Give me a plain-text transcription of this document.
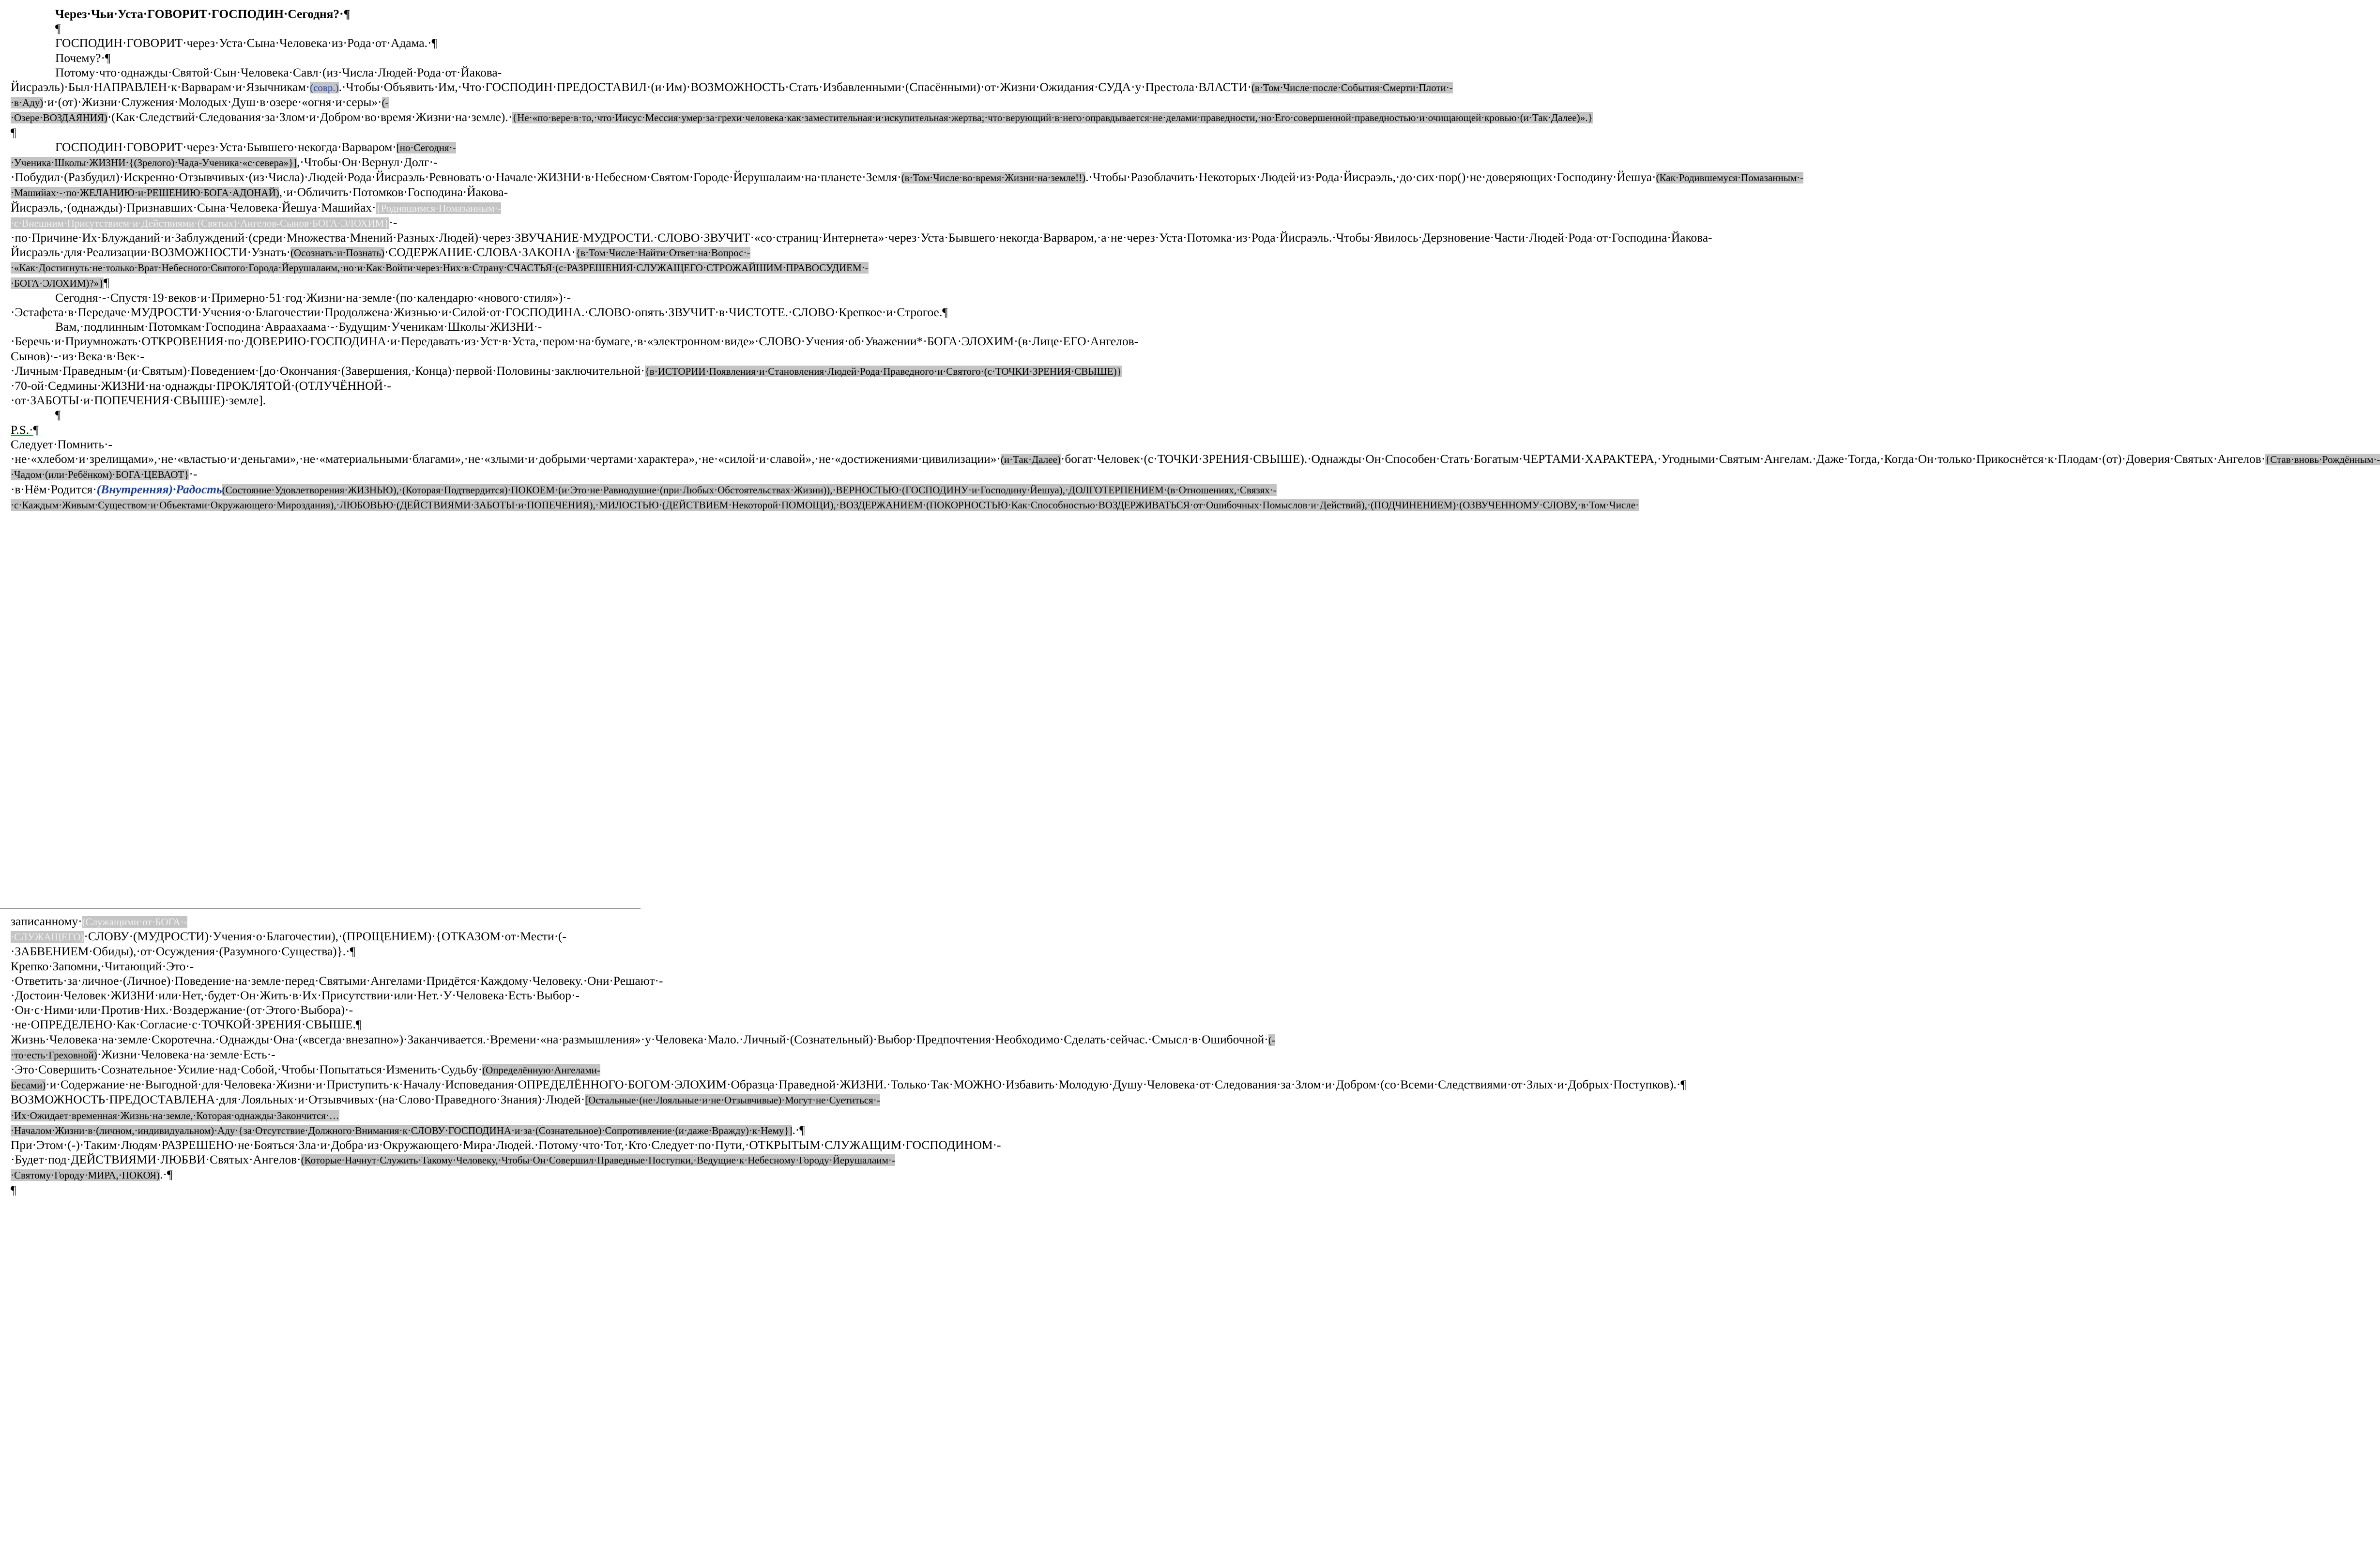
Через·Чьи·Уста·ГОВОРИТ·ГОСПОДИН·Сегодня?·¶

¶

ГОСПОДИН·ГОВОРИТ·через·Уста·Сына·Человека·из·Рода·от·Адама.·¶

Почему?·¶

Потому·что·однажды·Святой·Сын·Человека·Савл·(из·Числа·Людей·Рода·от·Йакова-Йисраэль)·Был·НАПРАВЛЕН·к·Варварам·и·Язычникам·(совр.).·Чтобы·Объявить·Им,·Что·ГОСПОДИН·ПРЕДОСТАВИЛ·(и·Им)·ВОЗМОЖНОСТЬ·Стать·Избавленными·(Спасёнными)·от·Жизни·Ожидания·СУДА·у·Престола·ВЛАСТИ·(в·Том·Числе·после·События·Смерти·Плоти·-·в·Аду)·и·(от)·Жизни·Служения·Молодых·Душ·в·озере·«огня·и·серы»·(-·Озере·ВОЗДАЯНИЯ)·(Как·Следствий·Следования·за·Злом·и·Добром·во·время·Жизни·на·земле).·{Не·«по·вере·в·то,·что·Иисус·Мессия·умер·за·грехи·человека·как·заместительная·и·искупительная·жертва;·что·верующий·в·него·оправдывается·не·делами·праведности,·но·Его·совершенной·праведностью·и·очищающей·кровью·(и·Так·Далее)».}¶

ГОСПОДИН·ГОВОРИТ·через·Уста·Бывшего·некогда·Варваром·[но·Сегодня·-·Ученика·Школы·ЖИЗНИ·{(Зрелого)·Чада-Ученика·«с·севера»}],·Чтобы·Он·Вернул·Долг·-·Побудил·(Разбудил)·Искренно·Отзывчивых·(из·Числа)·Людей·Рода·Йисраэль·Ревновать·о·Начале·ЖИЗНИ·в·Небесном·Святом·Городе·Йерушалаим·на·планете·Земля·(в·Том·Числе·во·время·Жизни·на·земле!!).·Чтобы·Разоблачить·Некоторых·Людей·из·Рода·Йисраэль,·до·сих·пор()·не·доверяющих·Господину·Йешуа·(Как·Родившемуся·Помазанным·-·Машийах·-·по·ЖЕЛАНИЮ·и·РЕШЕНИЮ·БОГА·АДОНАЙ),·и·Обличить·Потомков·Господина·Йакова-Йисраэль,·(однажды)·Признавших·Сына·Человека·Йешуа·Машийах·{Родившимся·Помазанным·-·с·Внешним·Присутствием·и·Действиями·(Святых)·Ангелов-Сынов·БОГА·ЭЛОХИМ}·-·по·Причине·Их·Блужданий·и·Заблуждений·(среди·Множества·Мнений·Разных·Людей)·через·ЗВУЧАНИЕ·МУДРОСТИ.·СЛОВО·ЗВУЧИТ·«со·страниц·Интернета»·через·Уста·Бывшего·некогда·Варваром,·а·не·через·Уста·Потомка·из·Рода·Йисраэль.·Чтобы·Явилось·Дерзновение·Части·Людей·Рода·от·Господина·Йакова-Йисраэль·для·Реализации·ВОЗМОЖНОСТИ·Узнать·(Осознать·и·Познать)·СОДЕРЖАНИЕ·СЛОВА·ЗАКОНА·{в·Том·Числе·Найти·Ответ·на·Вопрос·-·«Как·Достигнуть·не·только·Врат·Небесного·Святого·Города·Йерушалаим,·но·и·Как·Войти·через·Них·в·Страну·СЧАСТЬЯ·(с·РАЗРЕШЕНИЯ·СЛУЖАЩЕГО·СТРОЖАЙШИМ·ПРАВОСУДИЕМ·-·БОГА·ЭЛОХИМ)?»}¶

Сегодня·-·Спустя·19·веков·и·Примерно·51·год·Жизни·на·земле·(по·календарю·«нового·стиля»)·-·Эстафета·в·Передаче·МУДРОСТИ·Учения·о·Благочестии·Продолжена·Жизнью·и·Силой·от·ГОСПОДИНА.·СЛОВО·опять·ЗВУЧИТ·в·ЧИСТОТЕ.·СЛОВО·Крепкое·и·Строгое.¶

Вам,·подлинным·Потомкам·Господина·Авраахаама·-·Будущим·Ученикам·Школы·ЖИЗНИ·-·Беречь·и·Приумножать·ОТКРОВЕНИЯ·по·ДОВЕРИЮ·ГОСПОДИНА·и·Передавать·из·Уст·в·Уста,·пером·на·бумаге,·в·«электронном·виде»·СЛОВО·Учения·об·Уважении*·БОГА·ЭЛОХИМ·(в·Лице·ЕГО·Ангелов-Сынов)·-·из·Века·в·Век·-·Личным·Праведным·(и·Святым)·Поведением·[до·Окончания·(Завершения,·Конца)·первой·Половины·заключительной·{в·ИСТОРИИ·Появления·и·Становления·Людей·Рода·Праведного·и·Святого·(с·ТОЧКИ·ЗРЕНИЯ·СВЫШЕ)}·70-ой·Седмины·ЖИЗНИ·на·однажды·ПРОКЛЯТОЙ·(ОТЛУЧЁННОЙ·-·от·ЗАБОТЫ·и·ПОПЕЧЕНИЯ·СВЫШЕ)·земле].

¶

P.S.·¶

Следует·Помнить·-·не·«хлебом·и·зрелищами»,·не·«властью·и·деньгами»,·не·«материальными·благами»,·не·«злыми·и·добрыми·чертами·характера»,·не·«силой·и·славой»,·не·«достижениями·цивилизации»·(и·Так·Далее)·богат·Человек·(с·ТОЧКИ·ЗРЕНИЯ·СВЫШЕ).·Однажды·Он·Способен·Стать·Богатым·ЧЕРТАМИ·ХАРАКТЕРА,·Угодными·Святым·Ангелам.·Даже·Тогда,·Когда·Он·только·Прикоснётся·к·Плодам·(от)·Доверия·Святых·Ангелов·{Став·вновь·Рождённым·-·Чадом·(или·Ребёнком)·БОГА·ЦЕВАОТ}·-·в·Нём·Родится·(Внутренняя)·Радость(Состояние·Удовлетворения·ЖИЗНЬЮ),·(Которая·Подтвердится)·ПОКОЕМ·(и·Это·не·Равнодушие·(при·Любых·Обстоятельствах·Жизни)),·ВЕРНОСТЬЮ·(ГОСПОДИНУ·и·Господину·Йешуа),·ДОЛГОТЕРПЕНИЕМ·(в·Отношениях,·Связях·-·с·Каждым·Живым·Существом·и·Объектами·Окружающего·Мироздания),·ЛЮБОВЬЮ·(ДЕЙСТВИЯМИ·ЗАБОТЫ·и·ПОПЕЧЕНИЯ),·МИЛОСТЬЮ·(ДЕЙСТВИЕМ·Некоторой·ПОМОЩИ),·ВОЗДЕРЖАНИЕМ·(ПОКОРНОСТЬЮ·Как·Способностью·ВОЗДЕРЖИВАТЬСЯ·от·Ошибочных·Помыслов·и·Действий),·(ПОДЧИНЕНИЕМ)·(ОЗВУЧЕННОМУ·СЛОВУ,·в·Том·Числе·

записанному·(Служащими·от·БОГА·-·СЛУЖАЩЕГО)·СЛОВУ·(МУДРОСТИ)·Учения·о·Благочестии),·(ПРОЩЕНИЕМ)·{ОТКАЗОМ·от·Мести·(-·ЗАБВЕНИЕМ·Обиды),·от·Осуждения·(Разумного·Существа)}.·¶

Крепко·Запомни,·Читающий·Это·-·Ответить·за·личное·(Личное)·Поведение·на·земле·перед·Святыми·Ангелами·Придётся·Каждому·Человеку.·Они·Решают·-·Достоин·Человек·ЖИЗНИ·или·Нет,·будет·Он·Жить·в·Их·Присутствии·или·Нет.·У·Человека·Есть·Выбор·-·Он·с·Ними·или·Против·Них.·Воздержание·(от·Этого·Выбора)·-·не·ОПРЕДЕЛЕНО·Как·Согласие·с·ТОЧКОЙ·ЗРЕНИЯ·СВЫШЕ.¶

Жизнь·Человека·на·земле·Скоротечна.·Однажды·Она·(«всегда·внезапно»)·Заканчивается.·Времени·«на·размышления»·у·Человека·Мало.·Личный·(Сознательный)·Выбор·Предпочтения·Необходимо·Сделать·сейчас.·Смысл·в·Ошибочной·(-·то·есть·Греховной)·Жизни·Человека·на·земле·Есть·-·Это·Совершить·Сознательное·Усилие·над·Собой,·Чтобы·Попытаться·Изменить·Судьбу·(Определённую·Ангелами-Бесами)·и·Содержание·не·Выгодной·для·Человека·Жизни·и·Приступить·к·Началу·Исповедания·ОПРЕДЕЛЁННОГО·БОГОМ·ЭЛОХИМ·Образца·Праведной·ЖИЗНИ.·Только·Так·МОЖНО·Избавить·Молодую·Душу·Человека·от·Следования·за·Злом·и·Добром·(со·Всеми·Следствиями·от·Злых·и·Добрых·Поступков).·¶

ВОЗМОЖНОСТЬ·ПРЕДОСТАВЛЕНА·для·Лояльных·и·Отзывчивых·(на·Слово·Праведного·Знания)·Людей·[Остальные·(не·Лояльные·и·не·Отзывчивые)·Могут·не·Суетиться·-·Их·Ожидает·временная·Жизнь·на·земле,·Которая·однажды·Закончится·…·Началом·Жизни·в·(личном,·индивидуальном)·Аду·{за·Отсутствие·Должного·Внимания·к·СЛОВУ·ГОСПОДИНА·и·за·(Сознательное)·Сопротивление·(и·даже·Вражду)·к·Нему}].·¶

При·Этом·(-)·Таким·Людям·РАЗРЕШЕНО·не·Бояться·Зла·и·Добра·из·Окружающего·Мира·Людей.·Потому·что·Тот,·Кто·Следует·по·Пути,·ОТКРЫТЫМ·СЛУЖАЩИМ·ГОСПОДИНОМ·-·Будет·под·ДЕЙСТВИЯМИ·ЛЮБВИ·Святых·Ангелов·(Которые·Начнут·Служить·Такому·Человеку,·Чтобы·Он·Совершил·Праведные·Поступки,·Ведущие·к·Небесному·Городу·Йерушалаим·-·Святому·Городу·МИРА,·ПОКОЯ).·¶

¶
